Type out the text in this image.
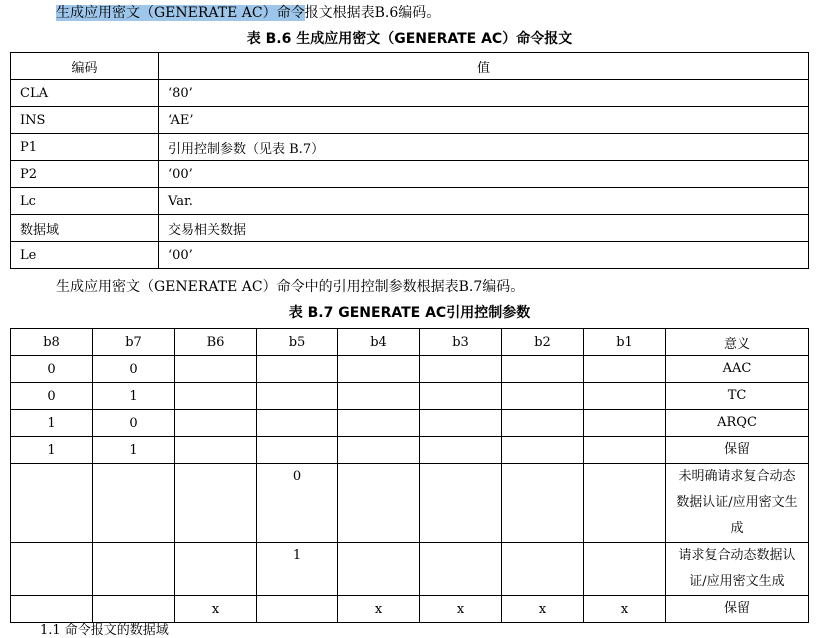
生成应用密文（GENERATE AC）命令报文根据表B.6编码。
表 B.6 生成应用密文（GENERATE AC）命令报文
编码	值
CLA	‘80’
INS	‘AE’
P1	引用控制参数（见表 B.7）
P2	‘00’
Lc	Var.
数据域	交易相关数据
Le	‘00’
生成应用密文（GENERATE AC）命令中的引用控制参数根据表B.7编码。
表 B.7 GENERATE AC引用控制参数
b8	b7	B6	b5	b4	b3	b2	b1	意义
0	0							AAC
0	1							TC
1	0							ARQC
1	1							保留
			0					未明确请求复合动态数据认证/应用密文生成
			1					请求复合动态数据认证/应用密文生成
		x		x	x	x	x	保留
1.1 命令报文的数据域
